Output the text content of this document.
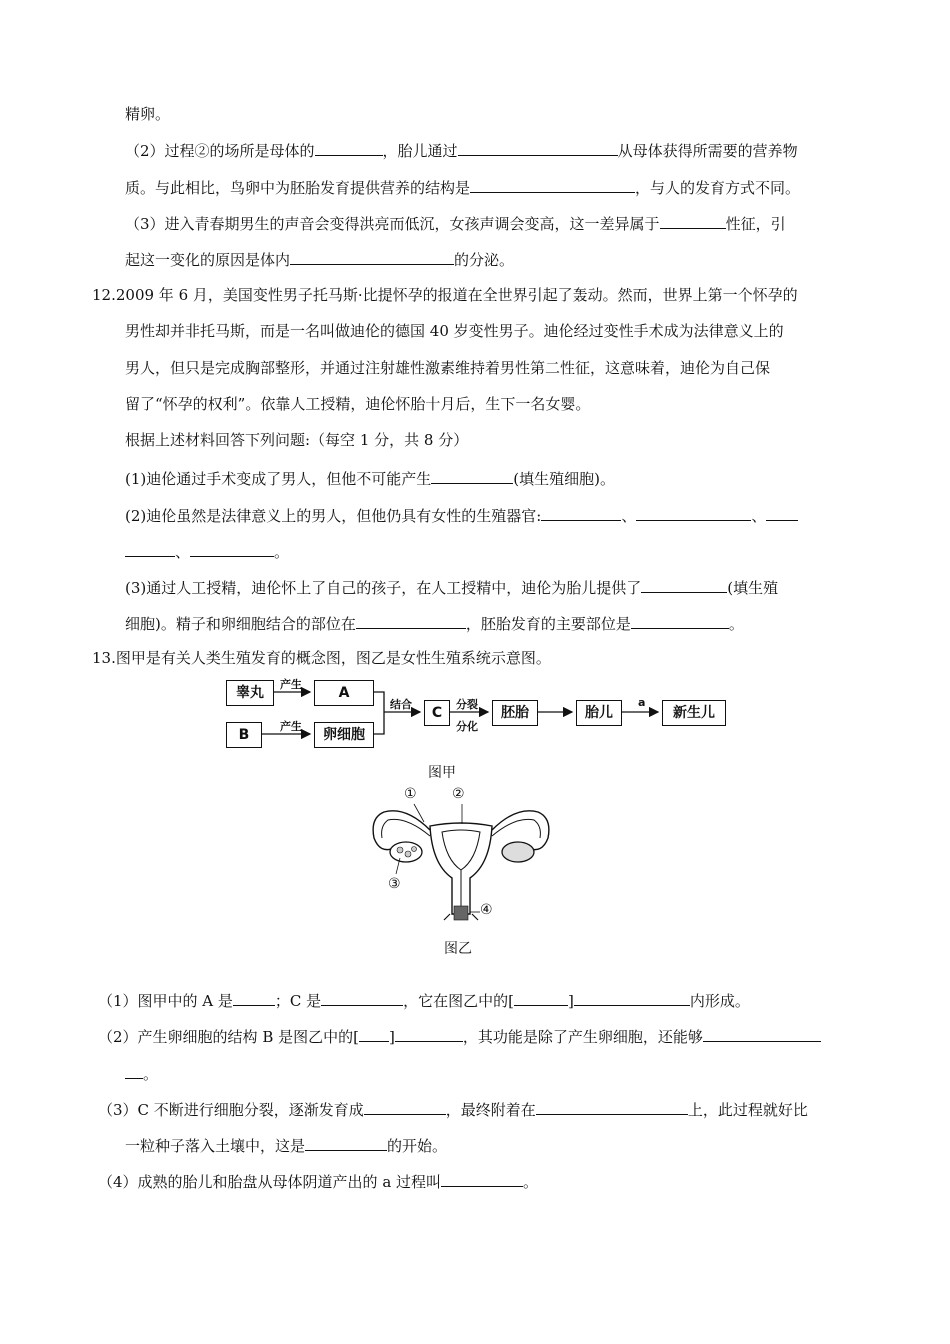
精卵。
（2）过程②的场所是母体的	，胎儿通过	从母体获得所需要的营养物
质。与此相比，鸟卵中为胚胎发育提供营养的结构是	，与人的发育方式不同。
（3）进入青春期男生的声音会变得洪亮而低沉，女孩声调会变高，这一差异属于	性征，引
起这一变化的原因是体内	的分泌。
12.2009 年 6 月，美国变性男子托马斯·比提怀孕的报道在全世界引起了轰动。然而，世界上第一个怀孕的
男性却并非托马斯，而是一名叫做迪伦的德国 40 岁变性男子。迪伦经过变性手术成为法律意义上的
男人，但只是完成胸部整形，并通过注射雄性激素维持着男性第二性征，这意味着，迪伦为自己保
留了“怀孕的权利”。依靠人工授精，迪伦怀胎十月后，生下一名女婴。
根据上述材料回答下列问题:（每空 1 分，共 8 分）
(1)迪伦通过手术变成了男人，但他不可能产生	(填生殖细胞)。
(2)迪伦虽然是法律意义上的男人，但他仍具有女性的生殖器官:	、	、
、	。
(3)通过人工授精，迪伦怀上了自己的孩子，在人工授精中，迪伦为胎儿提供了	(填生殖
细胞)。精子和卵细胞结合的部位在	，胚胎发育的主要部位是	。
13.图甲是有关人类生殖发育的概念图，图乙是女性生殖系统示意图。
睾丸	A
B	卵细胞
C	胚胎	胎儿	新生儿
产生
产生
结合	分裂
分化
a
图甲
①	②
③
④
图乙
（1）图甲中的 A 是	；C 是	，它在图乙中的[	]	内形成。
（2）产生卵细胞的结构 B 是图乙中的[ ]	，其功能是除了产生卵细胞，还能够
。
（3）C 不断进行细胞分裂，逐渐发育成	，最终附着在	上，此过程就好比
一粒种子落入土壤中，这是	的开始。
（4）成熟的胎儿和胎盘从母体阴道产出的 a 过程叫	。
